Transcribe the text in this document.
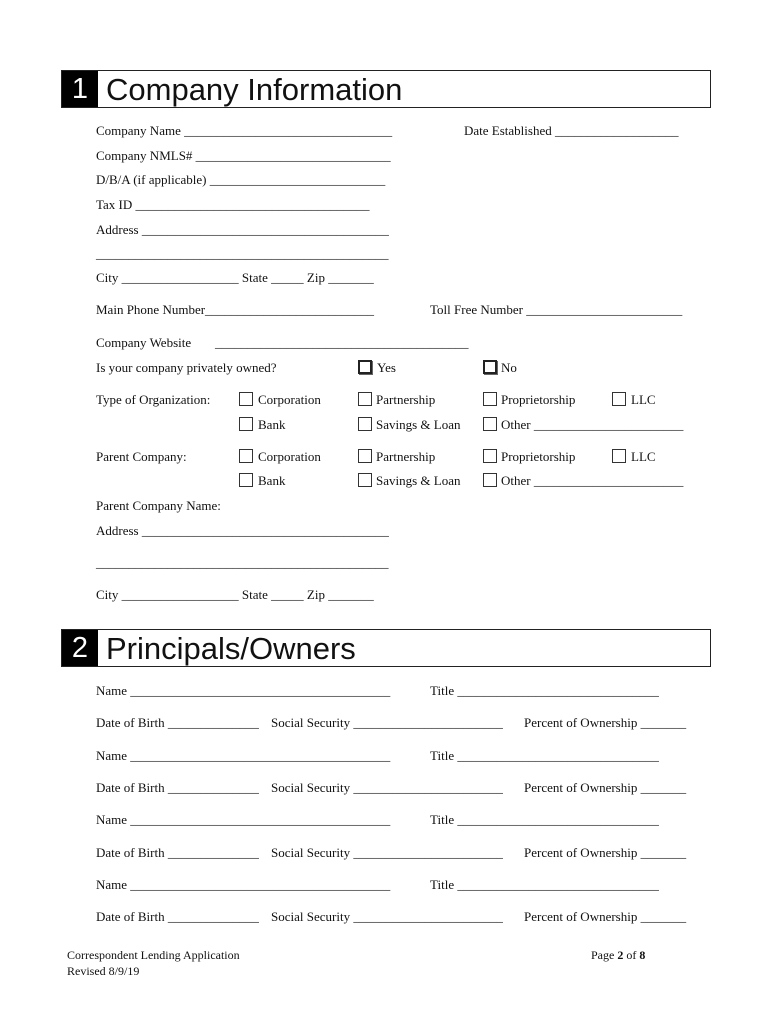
1 Company Information
Company Name ________________________________	Date Established ___________________
Company NMLS# ______________________________
D/B/A (if applicable) ___________________________
Tax ID ____________________________________
Address ______________________________________
_____________________________________________
City __________________ State _____ Zip _______
Main Phone Number__________________________	Toll Free Number ________________________
Company Website _______________________________________
Is your company privately owned?	Yes	No
Type of Organization:	Corporation	Partnership	Proprietorship	LLC
Bank	Savings & Loan	Other _______________________
Parent Company:	Corporation	Partnership	Proprietorship	LLC
Bank	Savings & Loan	Other _______________________
Parent Company Name:
Address ______________________________________
_____________________________________________
City __________________ State _____ Zip _______
2 Principals/Owners
Name ________________________________________	Title _______________________________
Date of Birth ______________ Social Security _______________________ Percent of Ownership _______
Name ________________________________________	Title _______________________________
Date of Birth ______________ Social Security _______________________ Percent of Ownership _______
Name ________________________________________	Title _______________________________
Date of Birth ______________ Social Security _______________________ Percent of Ownership _______
Name ________________________________________	Title _______________________________
Date of Birth ______________ Social Security _______________________ Percent of Ownership _______
Correspondent Lending Application
Revised 8/9/19
Page 2 of 8
